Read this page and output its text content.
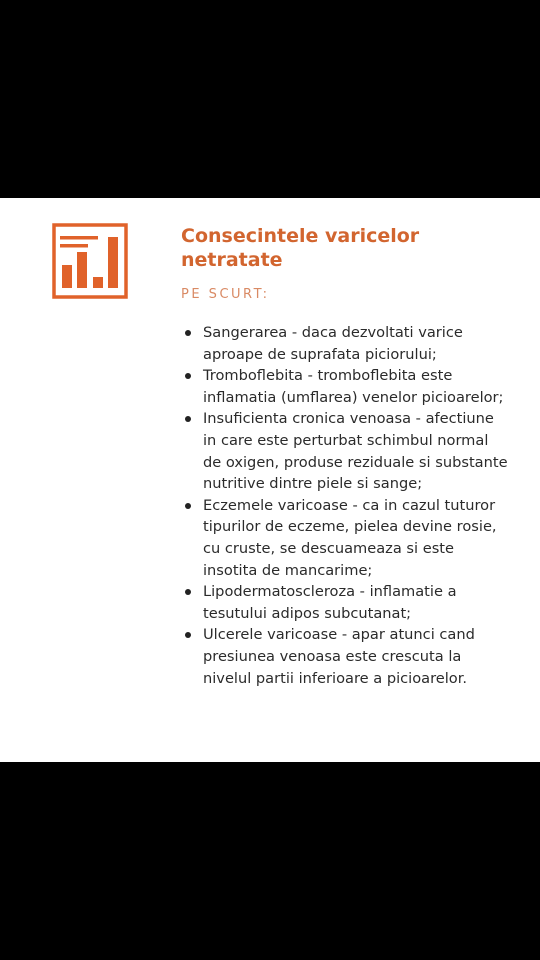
Consecintele varicelor netratate

PE SCURT:

Sangerarea - daca dezvoltati varice aproape de suprafata piciorului;
Tromboflebita - tromboflebita este inflamatia (umflarea) venelor picioarelor;
Insuficienta cronica venoasa - afectiune in care este perturbat schimbul normal de oxigen, produse reziduale si substante nutritive dintre piele si sange;
Eczemele varicoase - ca in cazul tuturor tipurilor de eczeme, pielea devine rosie, cu cruste, se descuameaza si este insotita de mancarime;
Lipodermatoscleroza - inflamatie a tesutului adipos subcutanat;
Ulcerele varicoase - apar atunci cand presiunea venoasa este crescuta la nivelul partii inferioare a picioarelor.
